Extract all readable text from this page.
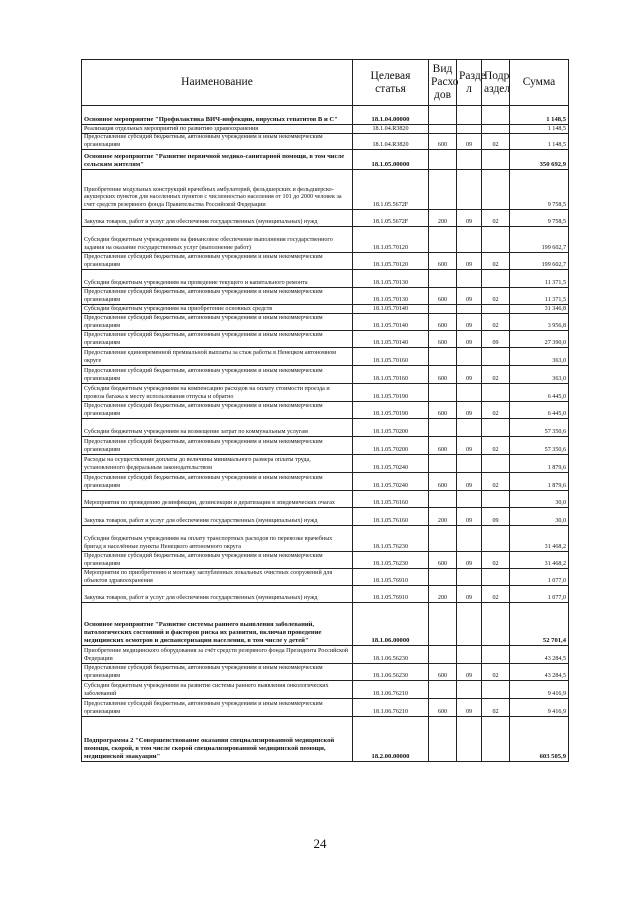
Наименование	Целевая статья	Вид Расхо дов	Разде л	Подр аздел	Сумма
Основное мероприятие "Профилактика ВИЧ-инфекции, вирусных гепатитов В и С"	18.1.04.00000				1 148,5
Реализация отдельных мероприятий по развитию здравоохранения	18.1.04.R3820				1 148,5
Предоставление субсидий бюджетным, автономным учреждениям и иным некоммерческим организациям	18.1.04.R3820	600	09	02	1 148,5
Основное мероприятие "Развитие первичной медико-санитарной помощи, в том числе сельским жителям"	18.1.05.00000				350 692,9
Приобретение модульных конструкций врачебных амбулаторий, фельдшерских и фельдшерско-акушерских пунктов для населенных пунктов с численностью населения от 101 до 2000 человек за счет средств резервного фонда Правительства Российской Федерации	18.1.05.5672F				9 758,5
Закупка товаров, работ и услуг для обеспечения государственных (муниципальных) нужд	18.1.05.5672F	200	09	02	9 758,5
Субсидии бюджетным учреждениям на финансовое обеспечение выполнения государственного задания на оказание государственных услуг (выполнение работ)	18.1.05.70120				199 602,7
Предоставление субсидий бюджетным, автономным учреждениям и иным некоммерческим организациям	18.1.05.70120	600	09	02	199 602,7
Субсидии бюджетным учреждениям на проведение текущего и капитального ремонта	18.1.05.70130				11 371,5
Предоставление субсидий бюджетным, автономным учреждениям и иным некоммерческим организациям	18.1.05.70130	600	09	02	11 371,5
Субсидии бюджетным учреждениям на приобретение основных средств	18.1.05.70140				31 346,8
Предоставление субсидий бюджетным, автономным учреждениям и иным некоммерческим организациям	18.1.05.70140	600	09	02	3 956,8
Предоставление субсидий бюджетным, автономным учреждениям и иным некоммерческим организациям	18.1.05.70140	600	09	09	27 390,0
Предоставление единовременной премиальной выплаты за стаж работы в Ненецком автономном округе	18.1.05.70160				363,0
Предоставление субсидий бюджетным, автономным учреждениям и иным некоммерческим организациям	18.1.05.70160	600	09	02	363,0
Субсидии бюджетным учреждениям на компенсацию расходов на оплату стоимости проезда и провоза багажа к месту использования отпуска и обратно	18.1.05.70190				6 445,0
Предоставление субсидий бюджетным, автономным учреждениям и иным некоммерческим организациям	18.1.05.70190	600	09	02	6 445,0
Субсидии бюджетным учреждениям на возмещение затрат по коммунальным услугам	18.1.05.70200				57 350,6
Предоставление субсидий бюджетным, автономным учреждениям и иным некоммерческим организациям	18.1.05.70200	600	09	02	57 350,6
Расходы на осуществление доплаты до величины минимального размера оплаты труда, установленного федеральным законодательством	18.1.05.70240				1 879,6
Предоставление субсидий бюджетным, автономным учреждениям и иным некоммерческим организациям	18.1.05.70240	600	09	02	1 879,6
Мероприятия по проведению дезинфекции, дезинсекции и дератизации в эпидемических очагах	18.1.05.76160				30,0
Закупка товаров, работ и услуг для обеспечения государственных (муниципальных) нужд	18.1.05.76160	200	09	09	30,0
Субсидии бюджетным учреждениям на оплату транспортных расходов по перевозке врачебных бригад в населённые пункты Ненецкого автономного округа	18.1.05.76230				31 468,2
Предоставление субсидий бюджетным, автономным учреждениям и иным некоммерческим организациям	18.1.05.76230	600	09	02	31 468,2
Мероприятия по приобретению и монтажу заглубленных локальных очистных сооружений для объектов здравоохранения	18.1.05.76910				1 077,0
Закупка товаров, работ и услуг для обеспечения государственных (муниципальных) нужд	18.1.05.76910	200	09	02	1 077,0
Основное мероприятие "Развитие системы раннего выявления заболеваний, патологических состояний и факторов риска их развития, включая проведение медицинских осмотров и диспансеризации населения, в том числе у детей"	18.1.06.00000				52 701,4
Приобретение медицинского оборудования за счёт средств резервного фонда Президента Российской Федерации	18.1.06.56230				43 284,5
Предоставление субсидий бюджетным, автономным учреждениям и иным некоммерческим организациям	18.1.06.56230	600	09	02	43 284,5
Субсидии бюджетным учреждениям на развитие системы раннего выявления онкологических заболеваний	18.1.06.76210				9 416,9
Предоставление субсидий бюджетным, автономным учреждениям и иным некоммерческим организациям	18.1.06.76210	600	09	02	9 416,9
Подпрограмма 2 "Совершенствование оказания специализированной медицинской помощи, скорой, в том числе скорой специализированной медицинской помощи, медицинской эвакуации"	18.2.00.00000				603 505,9
24
